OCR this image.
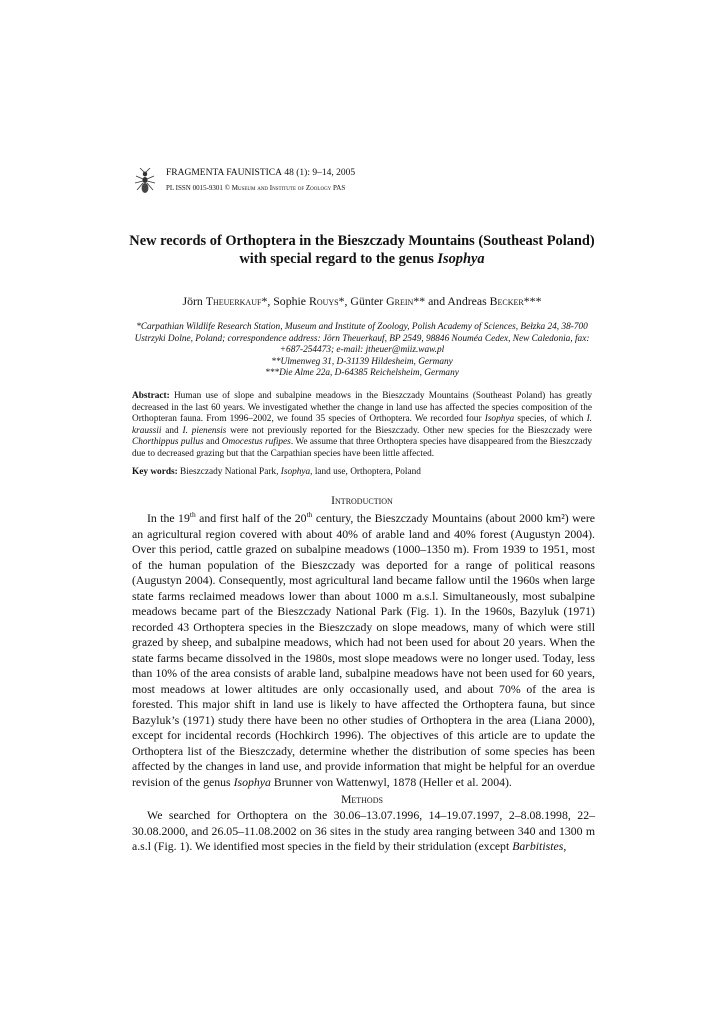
FRAGMENTA FAUNISTICA 48 (1): 9–14, 2005
PL ISSN 0015-9301 © Museum and Institute of Zoology PAS
New records of Orthoptera in the Bieszczady Mountains (Southeast Poland)
with special regard to the genus Isophya
Jörn Theuerkauf*, Sophie Rouys*, Günter Grein** and Andreas Becker***
*Carpathian Wildlife Research Station, Museum and Institute of Zoology, Polish Academy of Sciences, Bełzka 24, 38-700 Ustrzyki Dolne, Poland; correspondence address: Jörn Theuerkauf, BP 2549, 98846 Nouméa Cedex, New Caledonia, fax: +687-254473; e-mail: jtheuer@miiz.waw.pl
**Ulmenweg 31, D-31139 Hildesheim, Germany
***Die Alme 22a, D-64385 Reichelsheim, Germany
Abstract: Human use of slope and subalpine meadows in the Bieszczady Mountains (Southeast Poland) has greatly decreased in the last 60 years. We investigated whether the change in land use has affected the species composition of the Orthopteran fauna. From 1996–2002, we found 35 species of Orthoptera. We recorded four Isophya species, of which I. kraussii and I. pienensis were not previously reported for the Bieszczady. Other new species for the Bieszczady were Chorthippus pullus and Omocestus rufipes. We assume that three Orthoptera species have disappeared from the Bieszczady due to decreased grazing but that the Carpathian species have been little affected.
Key words: Bieszczady National Park, Isophya, land use, Orthoptera, Poland
Introduction

In the 19th and first half of the 20th century, the Bieszczady Mountains (about 2000 km²) were an agricultural region covered with about 40% of arable land and 40% forest (Augustyn 2004). Over this period, cattle grazed on subalpine meadows (1000–1350 m). From 1939 to 1951, most of the human population of the Bieszczady was deported for a range of political reasons (Augustyn 2004). Consequently, most agricultural land became fallow until the 1960s when large state farms reclaimed meadows lower than about 1000 m a.s.l. Simultaneously, most subalpine meadows became part of the Bieszczady National Park (Fig. 1). In the 1960s, Bazyluk (1971) recorded 43 Orthoptera species in the Bieszczady on slope meadows, many of which were still grazed by sheep, and subalpine meadows, which had not been used for about 20 years. When the state farms became dissolved in the 1980s, most slope meadows were no longer used. Today, less than 10% of the area consists of arable land, subalpine meadows have not been used for 60 years, most meadows at lower altitudes are only occasionally used, and about 70% of the area is forested. This major shift in land use is likely to have affected the Orthoptera fauna, but since Bazyluk’s (1971) study there have been no other studies of Orthoptera in the area (Liana 2000), except for incidental records (Hochkirch 1996). The objectives of this article are to update the Orthoptera list of the Bieszczady, determine whether the distribution of some species has been affected by the changes in land use, and provide information that might be helpful for an overdue revision of the genus Isophya Brunner von Wattenwyl, 1878 (Heller et al. 2004).

Methods

We searched for Orthoptera on the 30.06–13.07.1996, 14–19.07.1997, 2–8.08.1998, 22–30.08.2000, and 26.05–11.08.2002 on 36 sites in the study area ranging between 340 and 1300 m a.s.l (Fig. 1). We identified most species in the field by their stridulation (except Barbitistes,
